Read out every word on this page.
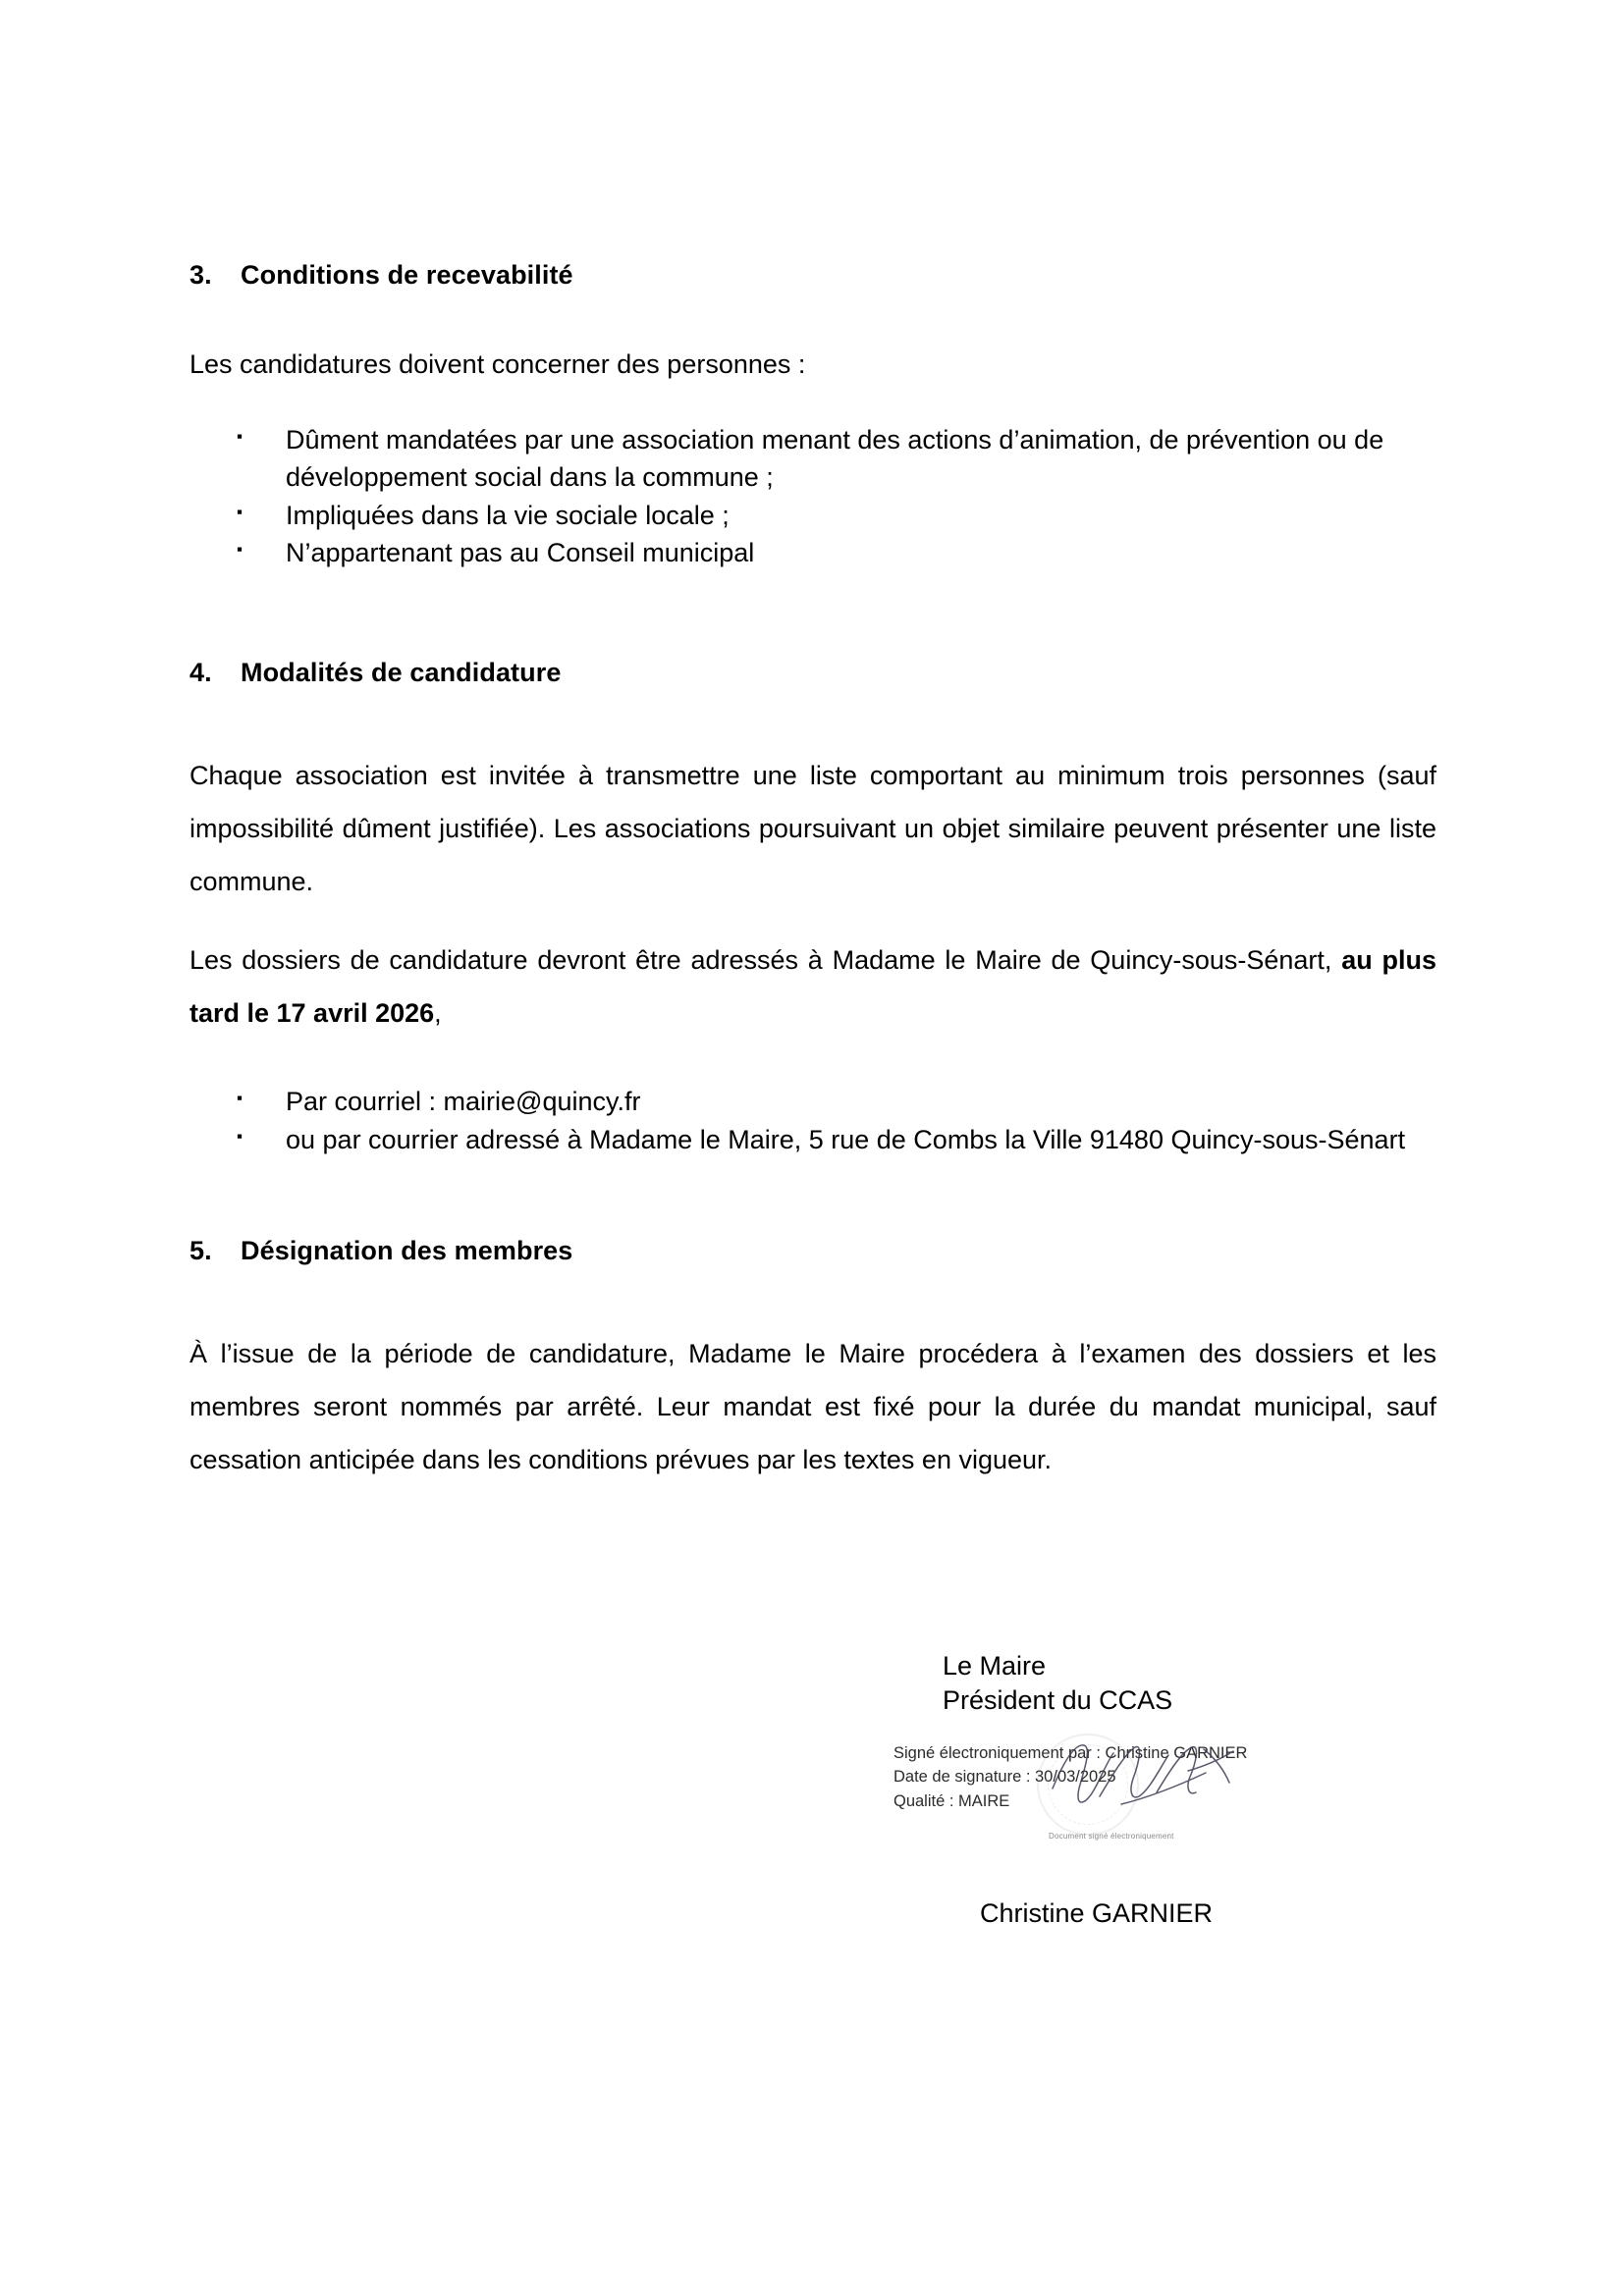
3.	Conditions de recevabilité
Les candidatures doivent concerner des personnes :
▪ Dûment mandatées par une association menant des actions d’animation, de prévention ou de développement social dans la commune ;
▪ Impliquées dans la vie sociale locale ;
▪ N’appartenant pas au Conseil municipal
4.	Modalités de candidature
Chaque association est invitée à transmettre une liste comportant au minimum trois personnes (sauf impossibilité dûment justifiée). Les associations poursuivant un objet similaire peuvent présenter une liste commune.
Les dossiers de candidature devront être adressés à Madame le Maire de Quincy-sous-Sénart, au plus tard le 17 avril 2026,
▪ Par courriel : mairie@quincy.fr
▪ ou par courrier adressé à Madame le Maire, 5 rue de Combs la Ville 91480 Quincy-sous-Sénart
5.	Désignation des membres
À l’issue de la période de candidature, Madame le Maire procédera à l’examen des dossiers et les membres seront nommés par arrêté. Leur mandat est fixé pour la durée du mandat municipal, sauf cessation anticipée dans les conditions prévues par les textes en vigueur.
Le Maire
Président du CCAS
Signé électroniquement par : Christine GARNIER
Date de signature : 30/03/2025
Qualité : MAIRE
Document signé électroniquement
Christine GARNIER
